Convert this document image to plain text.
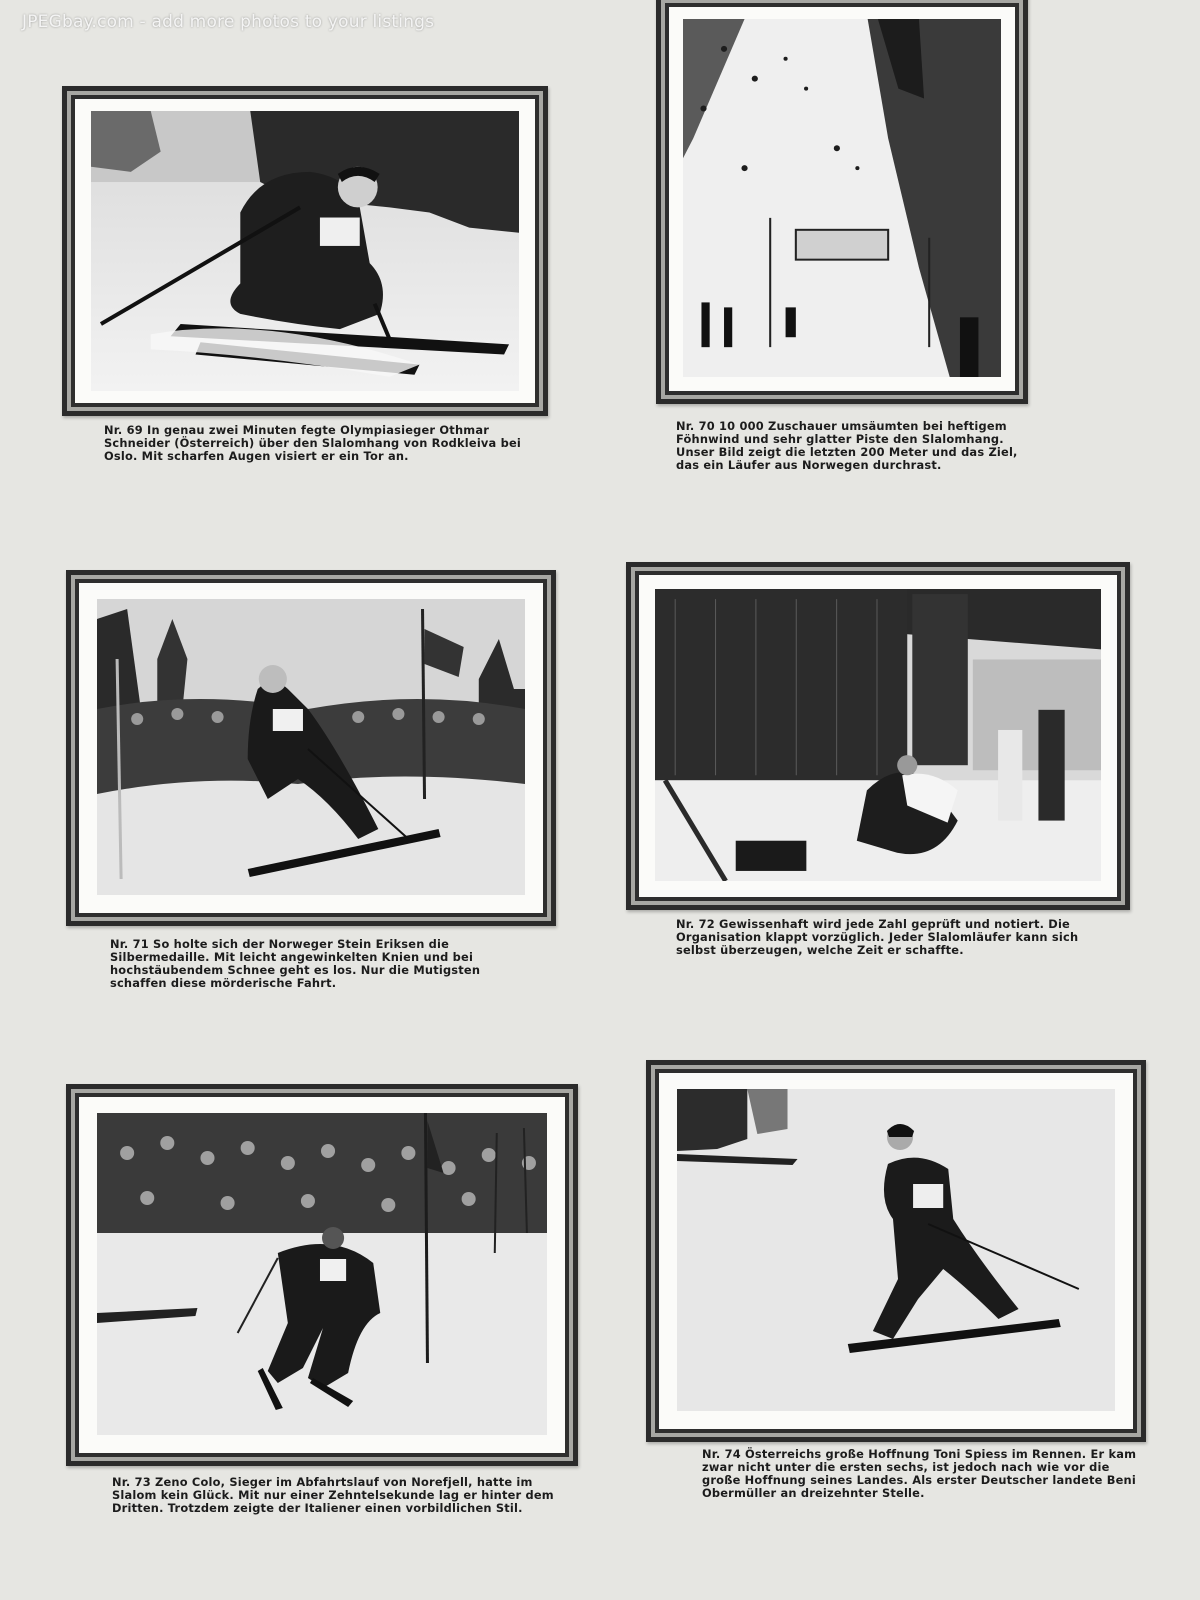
JPEGbay.com - add more photos to your listings
Nr. 69 In genau zwei Minuten fegte Olympiasieger Othmar Schneider (Österreich) über den Slalomhang von Rodkleiva bei Oslo. Mit scharfen Augen visiert er ein Tor an.
Nr. 70 10 000 Zuschauer umsäumten bei heftigem Föhnwind und sehr glatter Piste den Slalomhang. Unser Bild zeigt die letzten 200 Meter und das Ziel, das ein Läufer aus Norwegen durchrast.
Nr. 71 So holte sich der Norweger Stein Eriksen die Silbermedaille. Mit leicht angewinkelten Knien und bei hochstäubendem Schnee geht es los. Nur die Mutigsten schaffen diese mörderische Fahrt.
Nr. 72 Gewissenhaft wird jede Zahl geprüft und notiert. Die Organisation klappt vorzüglich. Jeder Slalomläufer kann sich selbst überzeugen, welche Zeit er schaffte.
Nr. 73 Zeno Colo, Sieger im Abfahrtslauf von Norefjell, hatte im Slalom kein Glück. Mit nur einer Zehntelsekunde lag er hinter dem Dritten. Trotzdem zeigte der Italiener einen vorbildlichen Stil.
Nr. 74 Österreichs große Hoffnung Toni Spiess im Rennen. Er kam zwar nicht unter die ersten sechs, ist jedoch nach wie vor die große Hoffnung seines Landes. Als erster Deutscher landete Beni Obermüller an dreizehnter Stelle.
